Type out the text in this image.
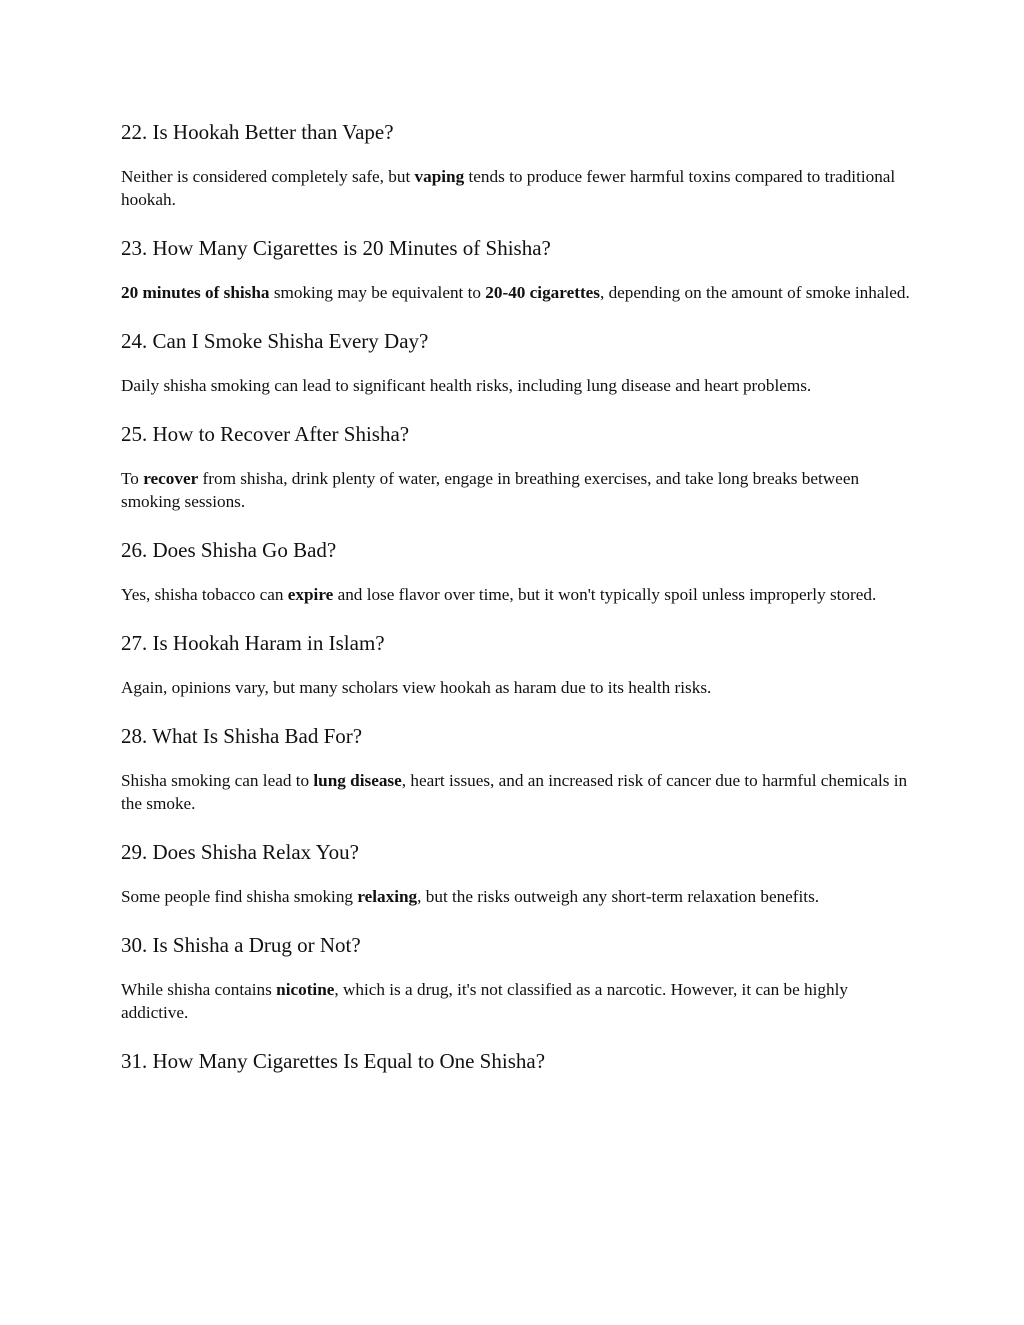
22. Is Hookah Better than Vape?

Neither is considered completely safe, but vaping tends to produce fewer harmful toxins compared to traditional hookah.

23. How Many Cigarettes is 20 Minutes of Shisha?

20 minutes of shisha smoking may be equivalent to 20-40 cigarettes, depending on the amount of smoke inhaled.

24. Can I Smoke Shisha Every Day?

Daily shisha smoking can lead to significant health risks, including lung disease and heart problems.

25. How to Recover After Shisha?

To recover from shisha, drink plenty of water, engage in breathing exercises, and take long breaks between smoking sessions.

26. Does Shisha Go Bad?

Yes, shisha tobacco can expire and lose flavor over time, but it won't typically spoil unless improperly stored.

27. Is Hookah Haram in Islam?

Again, opinions vary, but many scholars view hookah as haram due to its health risks.

28. What Is Shisha Bad For?

Shisha smoking can lead to lung disease, heart issues, and an increased risk of cancer due to harmful chemicals in the smoke.

29. Does Shisha Relax You?

Some people find shisha smoking relaxing, but the risks outweigh any short-term relaxation benefits.

30. Is Shisha a Drug or Not?

While shisha contains nicotine, which is a drug, it's not classified as a narcotic. However, it can be highly addictive.

31. How Many Cigarettes Is Equal to One Shisha?
